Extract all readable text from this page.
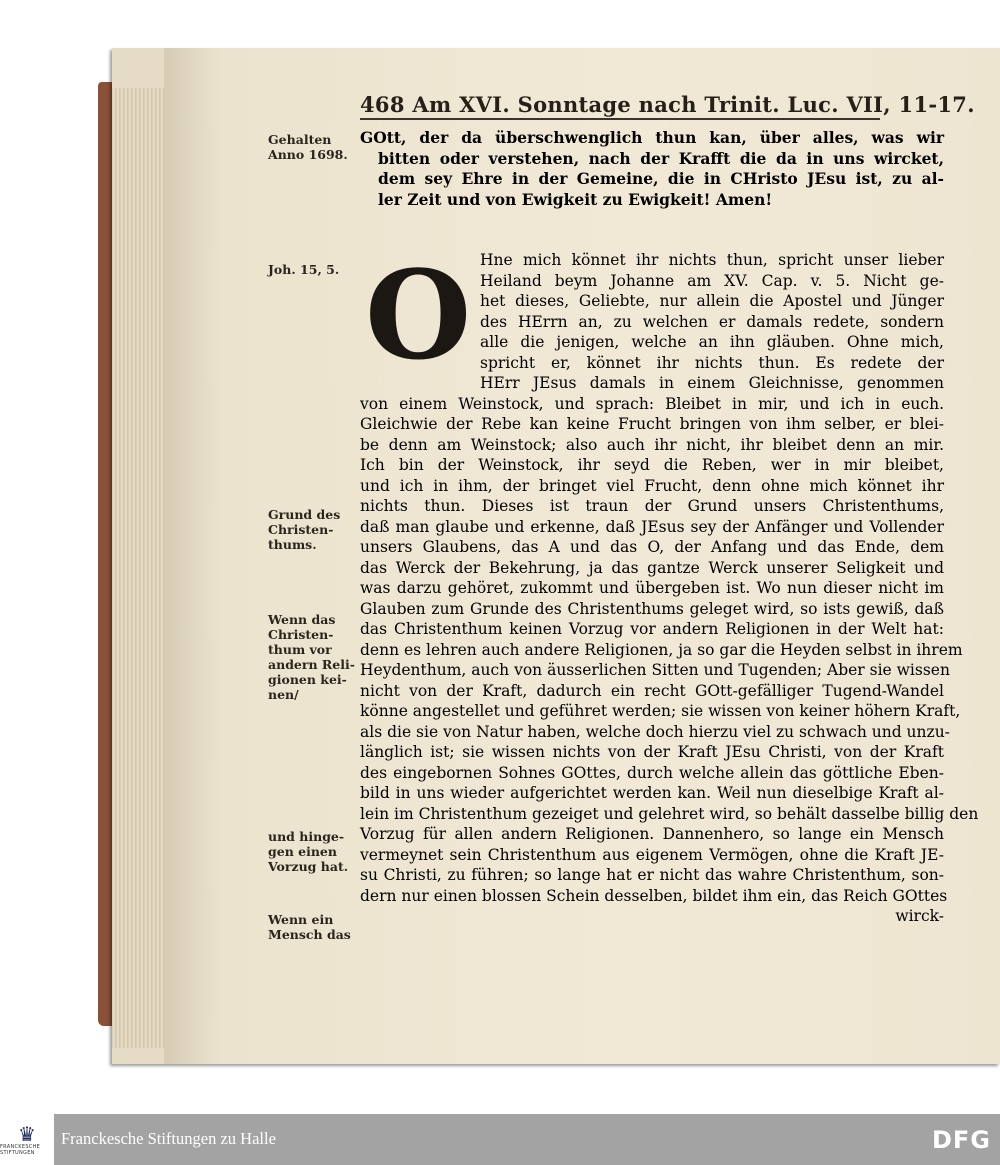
468 Am XVI. Sonntage nach Trinit. Luc. VII, 11-17.
GOtt, der da überschwenglich thun kan, über alles, was wir
bitten oder verstehen, nach der Krafft die da in uns wircket,
dem sey Ehre in der Gemeine, die in CHristo JEsu ist, zu al-
ler Zeit und von Ewigkeit zu Ewigkeit! Amen!
Hne mich könnet ihr nichts thun, spricht unser lieber
Heiland beym Johanne am XV. Cap. v. 5. Nicht ge-
het dieses, Geliebte, nur allein die Apostel und Jünger
des HErrn an, zu welchen er damals redete, sondern
alle die jenigen, welche an ihn gläuben. Ohne mich,
spricht er, könnet ihr nichts thun. Es redete der
HErr JEsus damals in einem Gleichnisse, genommen
von einem Weinstock, und sprach: Bleibet in mir, und ich in euch.
Gleichwie der Rebe kan keine Frucht bringen von ihm selber, er blei-
be denn am Weinstock; also auch ihr nicht, ihr bleibet denn an mir.
Ich bin der Weinstock, ihr seyd die Reben, wer in mir bleibet,
und ich in ihm, der bringet viel Frucht, denn ohne mich könnet ihr
nichts thun. Dieses ist traun der Grund unsers Christenthums,
daß man glaube und erkenne, daß JEsus sey der Anfänger und Vollender
unsers Glaubens, das A und das O, der Anfang und das Ende, dem
das Werck der Bekehrung, ja das gantze Werck unserer Seligkeit und
was darzu gehöret, zukommt und übergeben ist. Wo nun dieser nicht im
Glauben zum Grunde des Christenthums geleget wird, so ists gewiß, daß
das Christenthum keinen Vorzug vor andern Religionen in der Welt hat:
denn es lehren auch andere Religionen, ja so gar die Heyden selbst in ihrem
Heydenthum, auch von äusserlichen Sitten und Tugenden; Aber sie wissen
nicht von der Kraft, dadurch ein recht GOtt-gefälliger Tugend-Wandel
könne angestellet und geführet werden; sie wissen von keiner höhern Kraft,
als die sie von Natur haben, welche doch hierzu viel zu schwach und unzu-
länglich ist; sie wissen nichts von der Kraft JEsu Christi, von der Kraft
des eingebornen Sohnes GOttes, durch welche allein das göttliche Eben-
bild in uns wieder aufgerichtet werden kan. Weil nun dieselbige Kraft al-
lein im Christenthum gezeiget und gelehret wird, so behält dasselbe billig den
Vorzug für allen andern Religionen. Dannenhero, so lange ein Mensch
vermeynet sein Christenthum aus eigenem Vermögen, ohne die Kraft JE-
su Christi, zu führen; so lange hat er nicht das wahre Christenthum, son-
dern nur einen blossen Schein desselben, bildet ihm ein, das Reich GOttes
wirck-
O
Gehalten
Anno 1698.
Joh. 15, 5.
Grund des
Christen-
thums.
Wenn das
Christen-
thum vor
andern Reli-
gionen kei-
nen/
und hinge-
gen einen
Vorzug hat.
Wenn ein
Mensch das
♛
FRANCKESCHE STIFTUNGEN
Franckesche Stiftungen zu Halle	DFG
